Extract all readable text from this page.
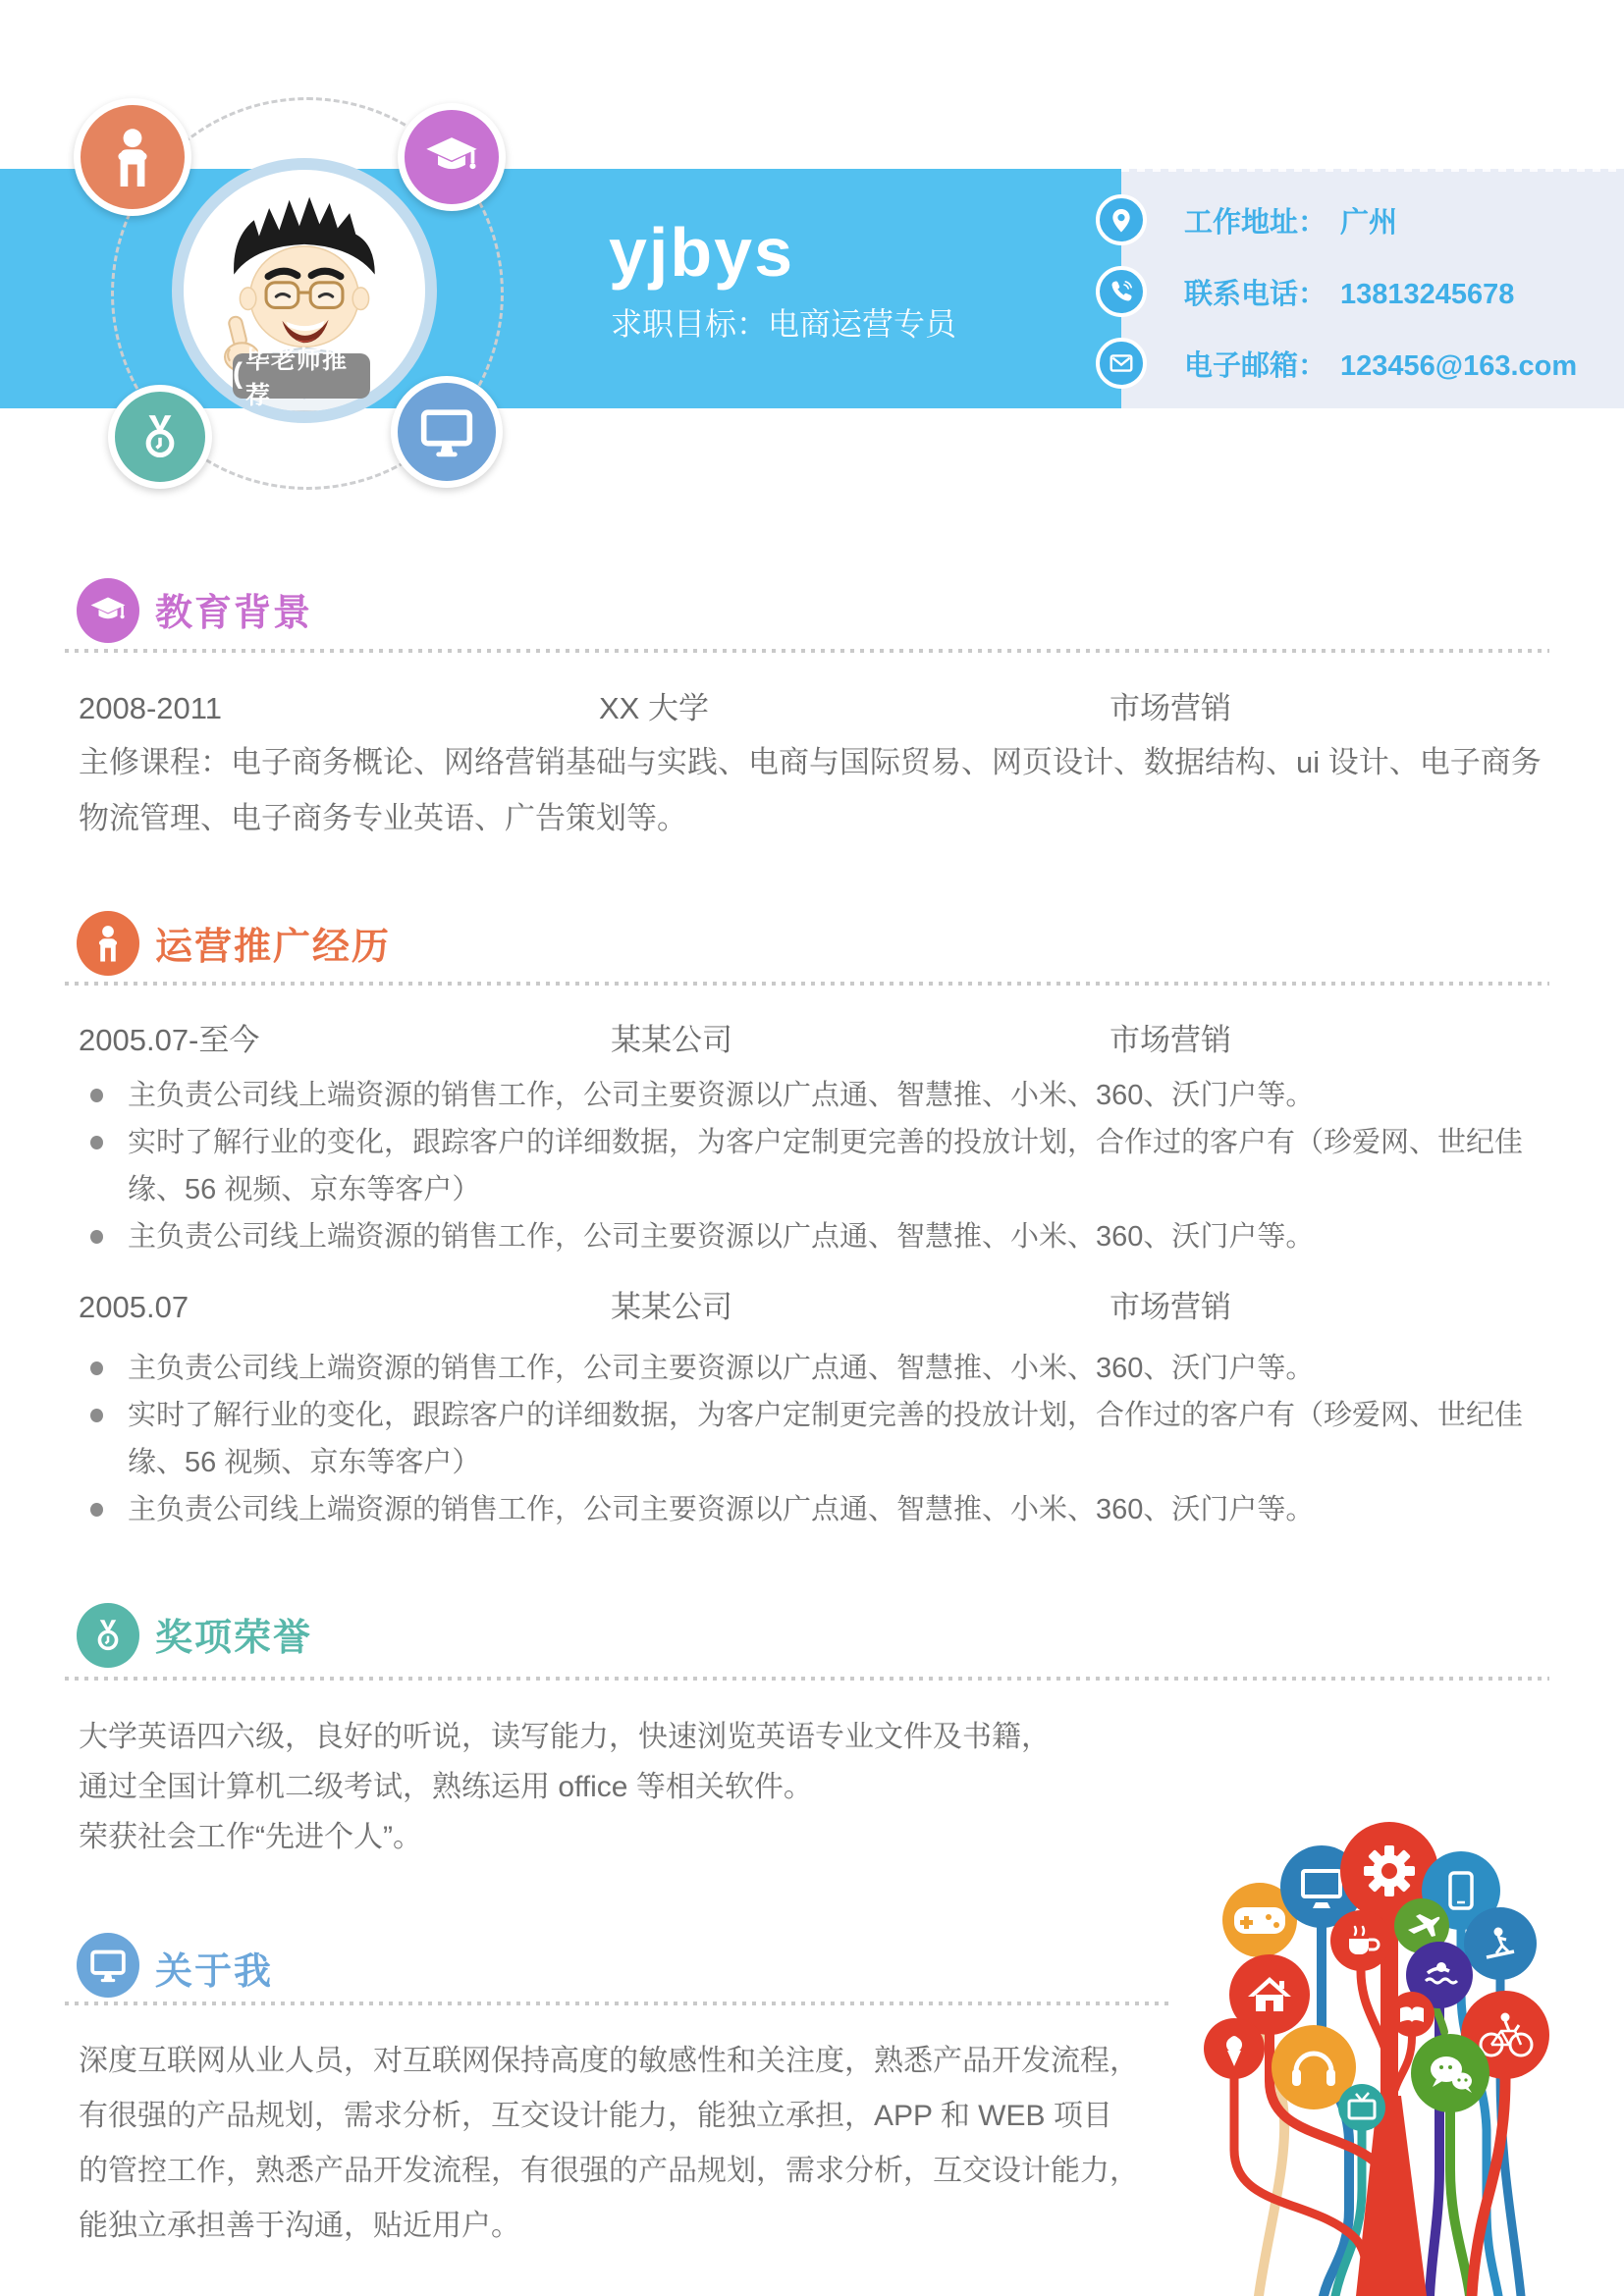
( 毕老师推荐
yjbys
求职目标：电商运营专员
工作地址： 广州
联系电话： 13813245678
电子邮箱： 123456@163.com
教育背景
2008-2011	XX 大学	市场营销
主修课程：电子商务概论、网络营销基础与实践、电商与国际贸易、网页设计、数据结构、ui 设计、电子商务物流管理、电子商务专业英语、广告策划等。
运营推广经历
2005.07-至今	某某公司	市场营销
主负责公司线上端资源的销售工作，公司主要资源以广点通、智慧推、小米、360、沃门户等。
实时了解行业的变化，跟踪客户的详细数据，为客户定制更完善的投放计划，合作过的客户有（珍爱网、世纪佳缘、56 视频、京东等客户）
主负责公司线上端资源的销售工作，公司主要资源以广点通、智慧推、小米、360、沃门户等。
2005.07	某某公司	市场营销
主负责公司线上端资源的销售工作，公司主要资源以广点通、智慧推、小米、360、沃门户等。
实时了解行业的变化，跟踪客户的详细数据，为客户定制更完善的投放计划，合作过的客户有（珍爱网、世纪佳缘、56 视频、京东等客户）
主负责公司线上端资源的销售工作，公司主要资源以广点通、智慧推、小米、360、沃门户等。
奖项荣誉
大学英语四六级，良好的听说，读写能力，快速浏览英语专业文件及书籍，
通过全国计算机二级考试，熟练运用 office 等相关软件。
荣获社会工作“先进个人”。
关于我
深度互联网从业人员，对互联网保持高度的敏感性和关注度，熟悉产品开发流程，有很强的产品规划，需求分析，互交设计能力，能独立承担，APP 和 WEB 项目的管控工作，熟悉产品开发流程，有很强的产品规划，需求分析，互交设计能力，能独立承担善于沟通，贴近用户。
